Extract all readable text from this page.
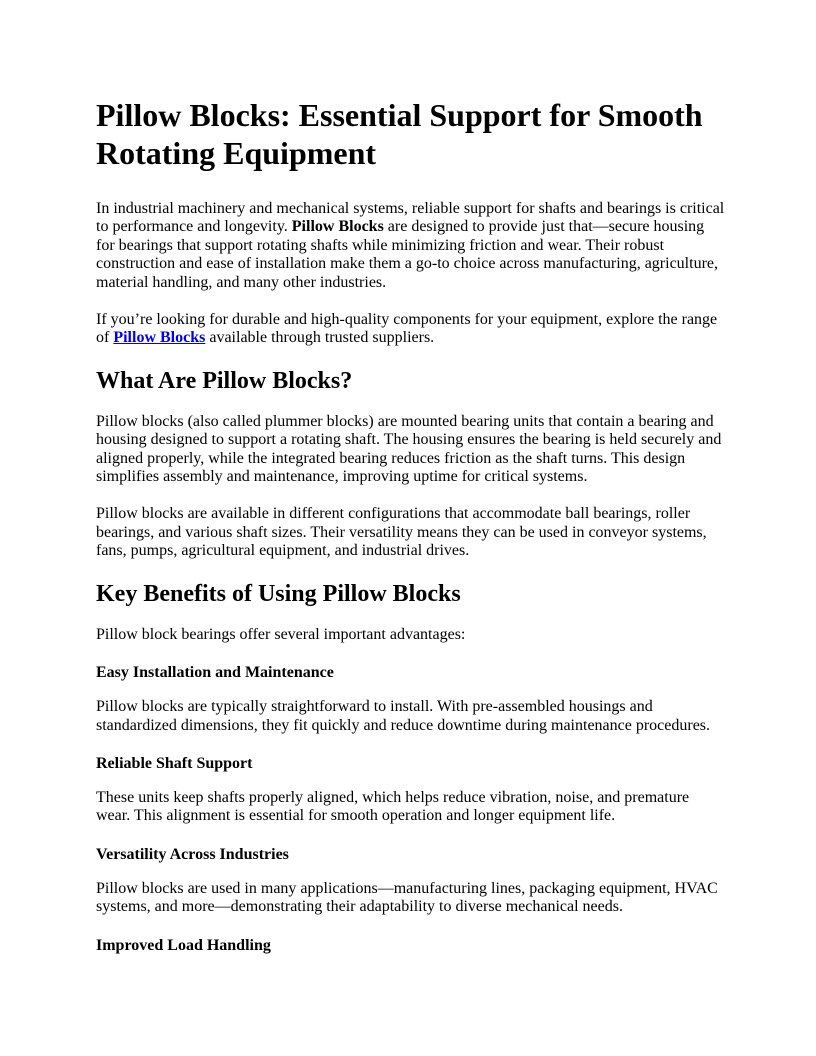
Pillow Blocks: Essential Support for Smooth Rotating Equipment

In industrial machinery and mechanical systems, reliable support for shafts and bearings is critical to performance and longevity. Pillow Blocks are designed to provide just that—secure housing for bearings that support rotating shafts while minimizing friction and wear. Their robust construction and ease of installation make them a go-to choice across manufacturing, agriculture, material handling, and many other industries.

If you’re looking for durable and high-quality components for your equipment, explore the range of Pillow Blocks available through trusted suppliers.

What Are Pillow Blocks?

Pillow blocks (also called plummer blocks) are mounted bearing units that contain a bearing and housing designed to support a rotating shaft. The housing ensures the bearing is held securely and aligned properly, while the integrated bearing reduces friction as the shaft turns. This design simplifies assembly and maintenance, improving uptime for critical systems.

Pillow blocks are available in different configurations that accommodate ball bearings, roller bearings, and various shaft sizes. Their versatility means they can be used in conveyor systems, fans, pumps, agricultural equipment, and industrial drives.

Key Benefits of Using Pillow Blocks

Pillow block bearings offer several important advantages:

Easy Installation and Maintenance

Pillow blocks are typically straightforward to install. With pre-assembled housings and standardized dimensions, they fit quickly and reduce downtime during maintenance procedures.

Reliable Shaft Support

These units keep shafts properly aligned, which helps reduce vibration, noise, and premature wear. This alignment is essential for smooth operation and longer equipment life.

Versatility Across Industries

Pillow blocks are used in many applications—manufacturing lines, packaging equipment, HVAC systems, and more—demonstrating their adaptability to diverse mechanical needs.

Improved Load Handling
